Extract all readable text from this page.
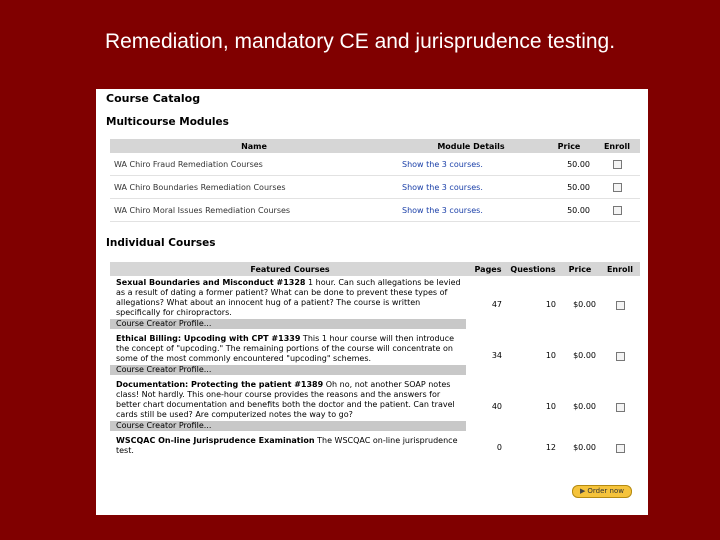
Remediation, mandatory CE and jurisprudence testing.
Course Catalog
Multicourse Modules
Name	Module Details	Price	Enroll
WA Chiro Fraud Remediation Courses	Show the 3 courses.	50.00	
WA Chiro Boundaries Remediation Courses	Show the 3 courses.	50.00	
WA Chiro Moral Issues Remediation Courses	Show the 3 courses.	50.00	
Individual Courses
Featured Courses	Pages	Questions	Price	Enroll
Sexual Boundaries and Misconduct #1328 1 hour. Can such allegations be levied as a result of dating a former patient? What can be done to prevent these types of allegations? What about an innocent hug of a patient? The course is written specifically for chiropractors.
Course Creator Profile...	47	10	$0.00	

Ethical Billing: Upcoding with CPT #1339 This 1 hour course will then introduce the concept of "upcoding." The remaining portions of the course will concentrate on some of the most commonly encountered "upcoding" schemes.
Course Creator Profile...	34	10	$0.00	

Documentation: Protecting the patient #1389 Oh no, not another SOAP notes class! Not hardly. This one-hour course provides the reasons and the answers for better chart documentation and benefits both the doctor and the patient. Can travel cards still be used? Are computerized notes the way to go?
Course Creator Profile...	40	10	$0.00	

WSCQAC On-line Jurisprudence Examination The WSCQAC on-line jurisprudence test.	0	12	$0.00	
▶ Order now
